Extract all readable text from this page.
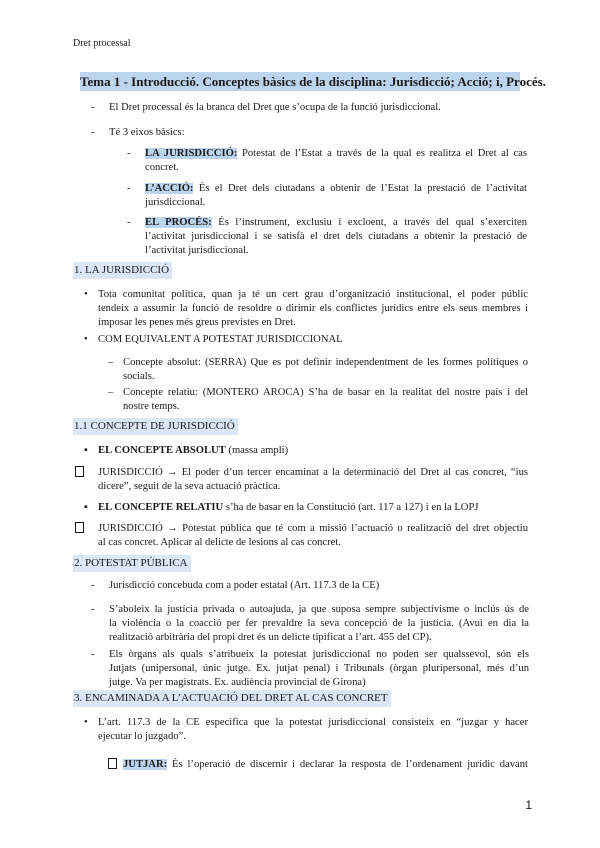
Dret processal
Tema 1 - Introducció. Conceptes bàsics de la disciplina: Jurisdicció; Acció; i, Procés.
- El Dret processal és la branca del Dret que s’ocupa de la funció jurisdiccional.
- Té 3 eixos bàsics:
- LA JURISDICCIÓ: Potestat de l’Estat a través de la qual es realitza el Dret al cas
concret.
- L’ACCIÓ: És el Dret dels ciutadans a obtenir de l’Estat la prestació de l’activitat
jurisdiccional.
- EL PROCÉS: És l’instrument, exclusiu i excloent, a través del qual s’exerciten
l’activitat jurisdiccional i se satisfà el dret dels ciutadans a obtenir la prestació de
l’activitat jurisdiccional.
1. LA JURISDICCIÓ
• Tota comunitat política, quan ja té un cert grau d’organització institucional, el poder públic
tendeix a assumir la funció de resoldre o dirimir els conflictes jurídics entre els seus membres i
imposar les penes més greus previstes en Dret.
• COM EQUIVALENT A POTESTAT JURISDICCIONAL
– Concepte absolut: (SERRA) Que es pot definir independentment de les formes polítiques o
socials.
– Concepte relatiu: (MONTERO AROCA) S’ha de basar en la realitat del nostre país i del
nostre temps.
1.1 CONCEPTE DE JURISDICCIÓ
▪ EL CONCEPTE ABSOLUT (massa ampli)
JURISDICCIÓ → El poder d’un tercer encaminat a la determinació del Dret al cas concret, “ius
dicere”, seguit de la seva actuació pràctica.
▪ EL CONCEPTE RELATIU s’ha de basar en la Constitució (art. 117 a 127) i en la LOPJ
JURISDICCIÓ → Potestat pública que té com a missió l’actuació o realització del dret objectiu
al cas concret. Aplicar al delicte de lesions al cas concret.
2. POTESTAT PÚBLICA
- Jurisdicció concebuda com a poder estatal (Art. 117.3 de la CE)
- S’aboleix la justícia privada o autoajuda, ja que suposa sempre subjectivisme o inclús ús de
la violència o la coacció per fer prevaldre la seva concepció de la justícia. (Avui en dia la
realització arbitrària del propi dret és un delicte tipificat a l’art. 455 del CP).
- Els òrgans als quals s’atribueix la potestat jurisdiccional no poden ser qualssevol, són els
Jutjats (unipersonal, únic jutge. Ex. jutjat penal) i Tribunals (òrgan pluripersonal, més d’un
jutge. Va per magistrats. Ex. audiència provincial de Girona)
3. ENCAMINADA A L’ACTUACIÓ DEL DRET AL CAS CONCRET
• L’art. 117.3 de la CE especifica que la potestat jurisdiccional consisteix en “juzgar y hacer
ejecutar lo juzgado”.
JUTJAR: És l’operació de discernir i declarar la resposta de l’ordenament jurídic davant
1
